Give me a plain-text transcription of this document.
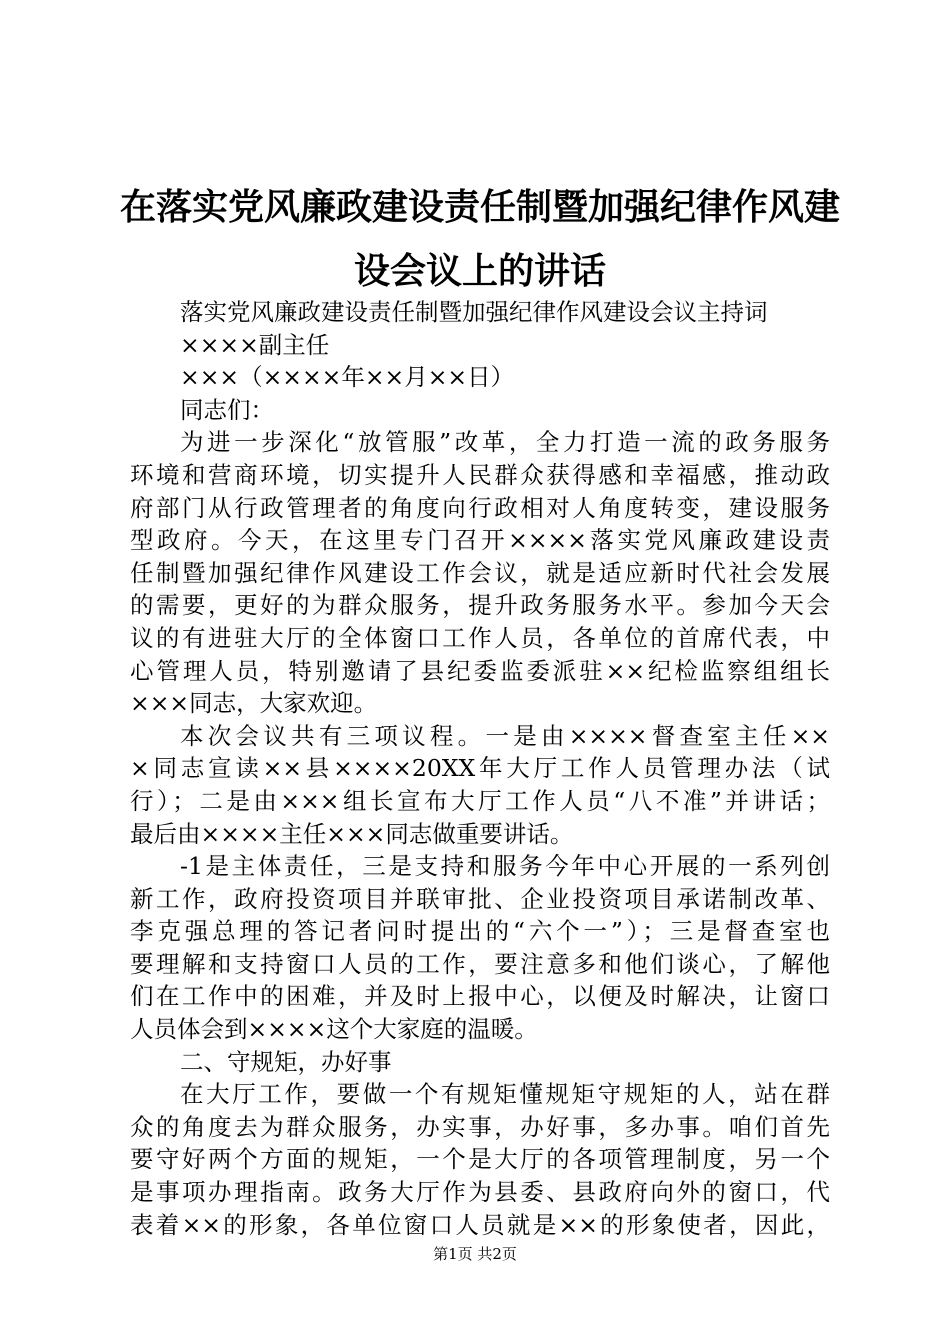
在落实党风廉政建设责任制暨加强纪律作风建
设会议上的讲话
落实党风廉政建设责任制暨加强纪律作风建设会议主持词
××××副主任
×××（××××年××月××日）
同志们：
为进一步深化“放管服”改革，全力打造一流的政务服务
环境和营商环境，切实提升人民群众获得感和幸福感，推动政
府部门从行政管理者的角度向行政相对人角度转变，建设服务
型政府。今天，在这里专门召开××××落实党风廉政建设责
任制暨加强纪律作风建设工作会议，就是适应新时代社会发展
的需要，更好的为群众服务，提升政务服务水平。参加今天会
议的有进驻大厅的全体窗口工作人员，各单位的首席代表，中
心管理人员，特别邀请了县纪委监委派驻××纪检监察组组长
×××同志，大家欢迎。
本次会议共有三项议程。一是由××××督查室主任××
×同志宣读××县××××20XX年大厅工作人员管理办法（试
行）；二是由×××组长宣布大厅工作人员“八不准”并讲话；
最后由××××主任×××同志做重要讲话。
-1是主体责任，三是支持和服务今年中心开展的一系列创
新工作，政府投资项目并联审批、企业投资项目承诺制改革、
李克强总理的答记者问时提出的“六个一”）；三是督查室也
要理解和支持窗口人员的工作，要注意多和他们谈心，了解他
们在工作中的困难，并及时上报中心，以便及时解决，让窗口
人员体会到××××这个大家庭的温暖。
二、守规矩，办好事
在大厅工作，要做一个有规矩懂规矩守规矩的人，站在群
众的角度去为群众服务，办实事，办好事，多办事。咱们首先
要守好两个方面的规矩，一个是大厅的各项管理制度，另一个
是事项办理指南。政务大厅作为县委、县政府向外的窗口，代
表着××的形象，各单位窗口人员就是××的形象使者，因此，
第1页 共2页
